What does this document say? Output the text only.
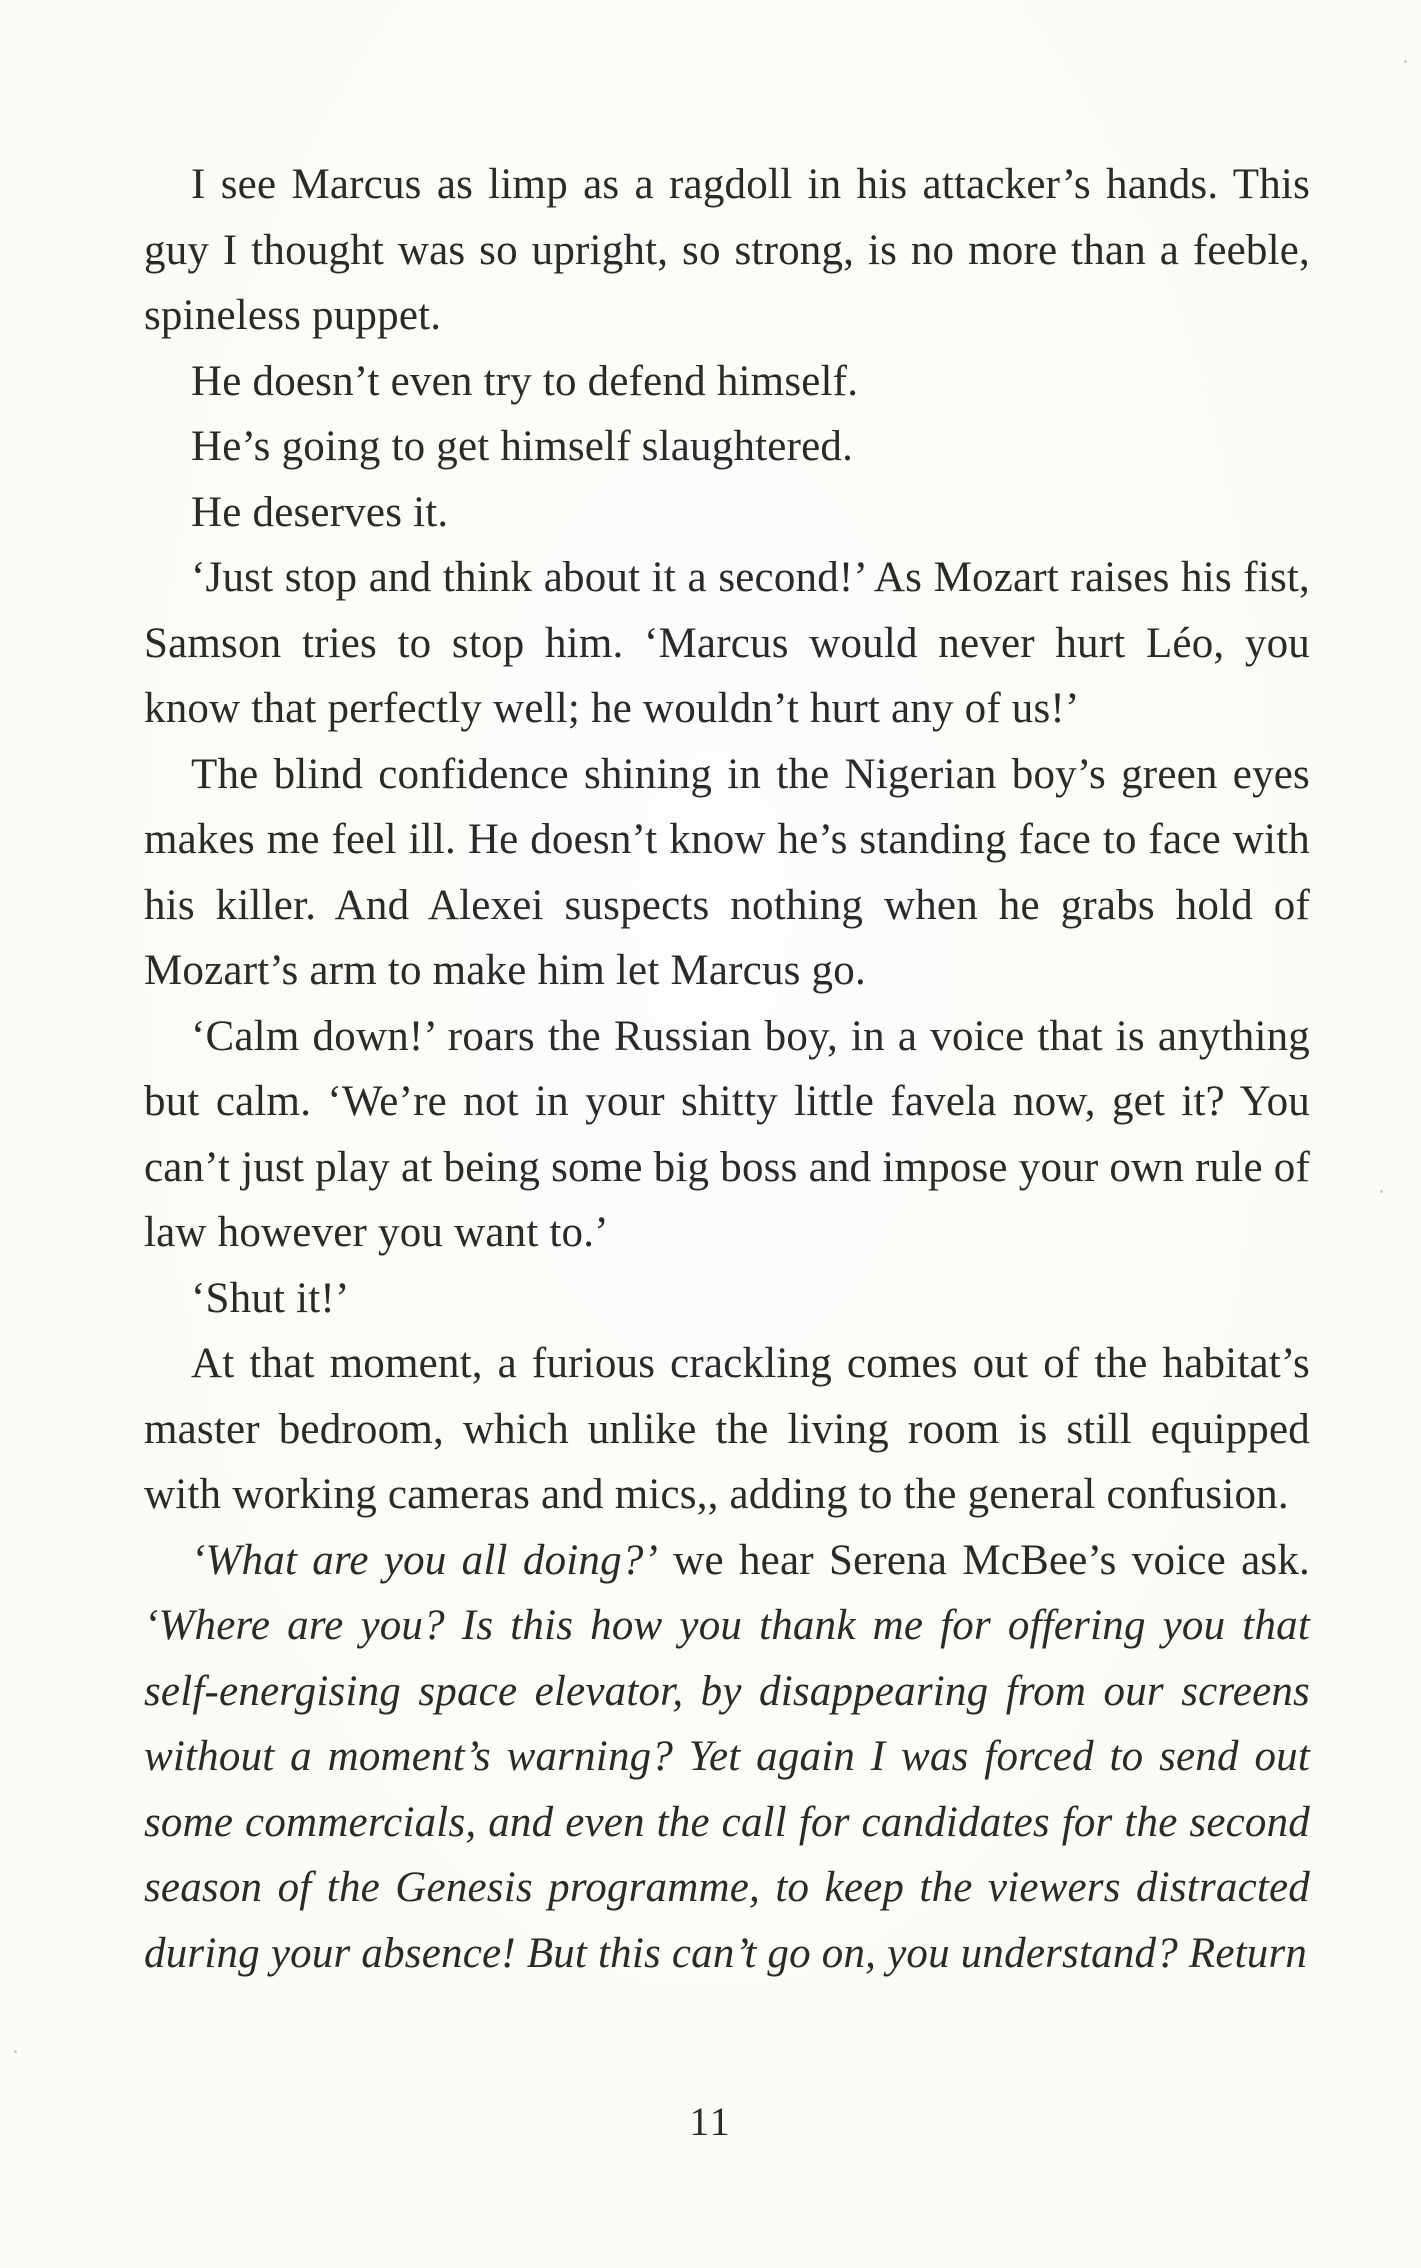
I see Marcus as limp as a ragdoll in his attacker’s hands. This guy I thought was so upright, so strong, is no more than a feeble, spineless puppet.

He doesn’t even try to defend himself.

He’s going to get himself slaughtered.

He deserves it.

‘Just stop and think about it a second!’ As Mozart raises his fist, Samson tries to stop him. ‘Marcus would never hurt Léo, you know that perfectly well; he wouldn’t hurt any of us!’

The blind confidence shining in the Nigerian boy’s green eyes makes me feel ill. He doesn’t know he’s standing face to face with his killer. And Alexei suspects nothing when he grabs hold of Mozart’s arm to make him let Marcus go.

‘Calm down!’ roars the Russian boy, in a voice that is anything but calm. ‘We’re not in your shitty little favela now, get it? You can’t just play at being some big boss and impose your own rule of law however you want to.’

‘Shut it!’

At that moment, a furious crackling comes out of the habitat’s master bedroom, which unlike the living room is still equipped with working cameras and mics,, adding to the general confusion.

‘What are you all doing?’ we hear Serena McBee’s voice ask. ‘Where are you? Is this how you thank me for offering you that self-energising space elevator, by disappearing from our screens without a moment’s warning? Yet again I was forced to send out some commercials, and even the call for candidates for the second season of the Genesis programme, to keep the viewers distracted during your absence! But this can’t go on, you understand? Return

11
